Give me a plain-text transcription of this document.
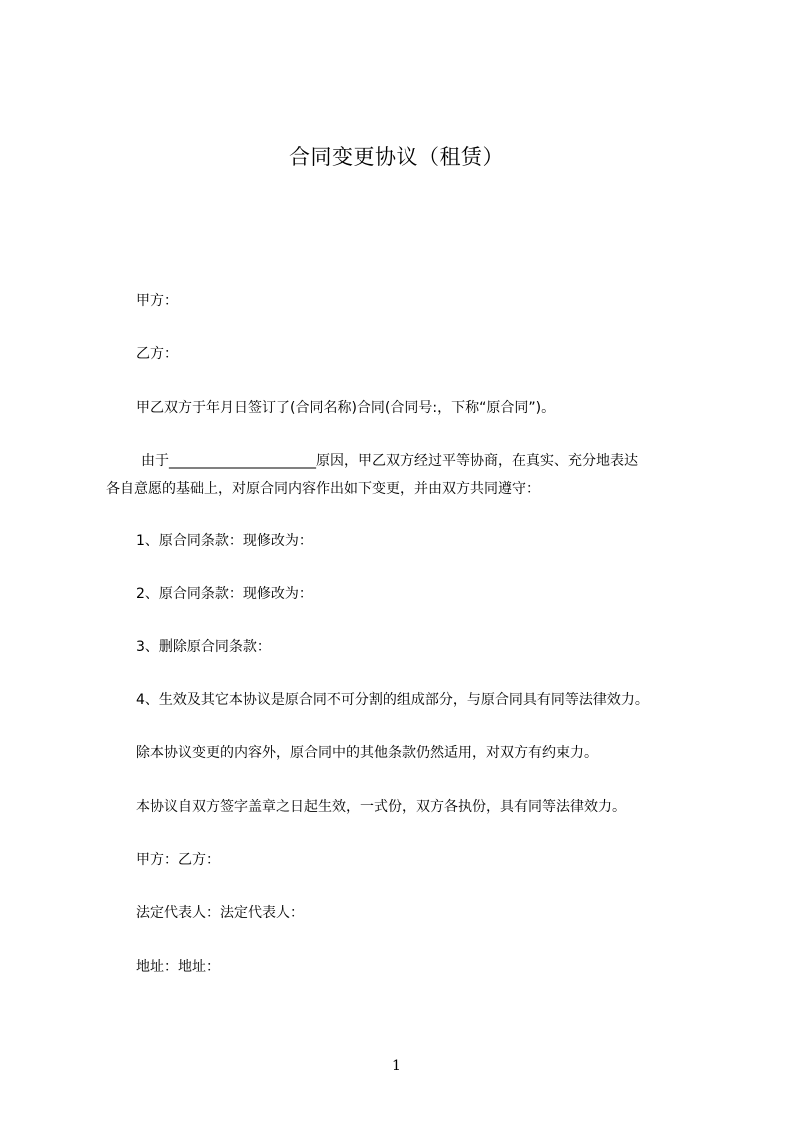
合同变更协议（租赁）
甲方：
乙方：
甲乙双方于年月日签订了(合同名称)合同(合同号:，下称“原合同”)。
由于_____________________原因，甲乙双方经过平等协商，在真实、充分地表达
各自意愿的基础上，对原合同内容作出如下变更，并由双方共同遵守：
1、原合同条款：现修改为：
2、原合同条款：现修改为：
3、删除原合同条款：
4、生效及其它本协议是原合同不可分割的组成部分，与原合同具有同等法律效力。
除本协议变更的内容外，原合同中的其他条款仍然适用，对双方有约束力。
本协议自双方签字盖章之日起生效，一式份，双方各执份，具有同等法律效力。
甲方：乙方：
法定代表人：法定代表人：
地址：地址：
1
